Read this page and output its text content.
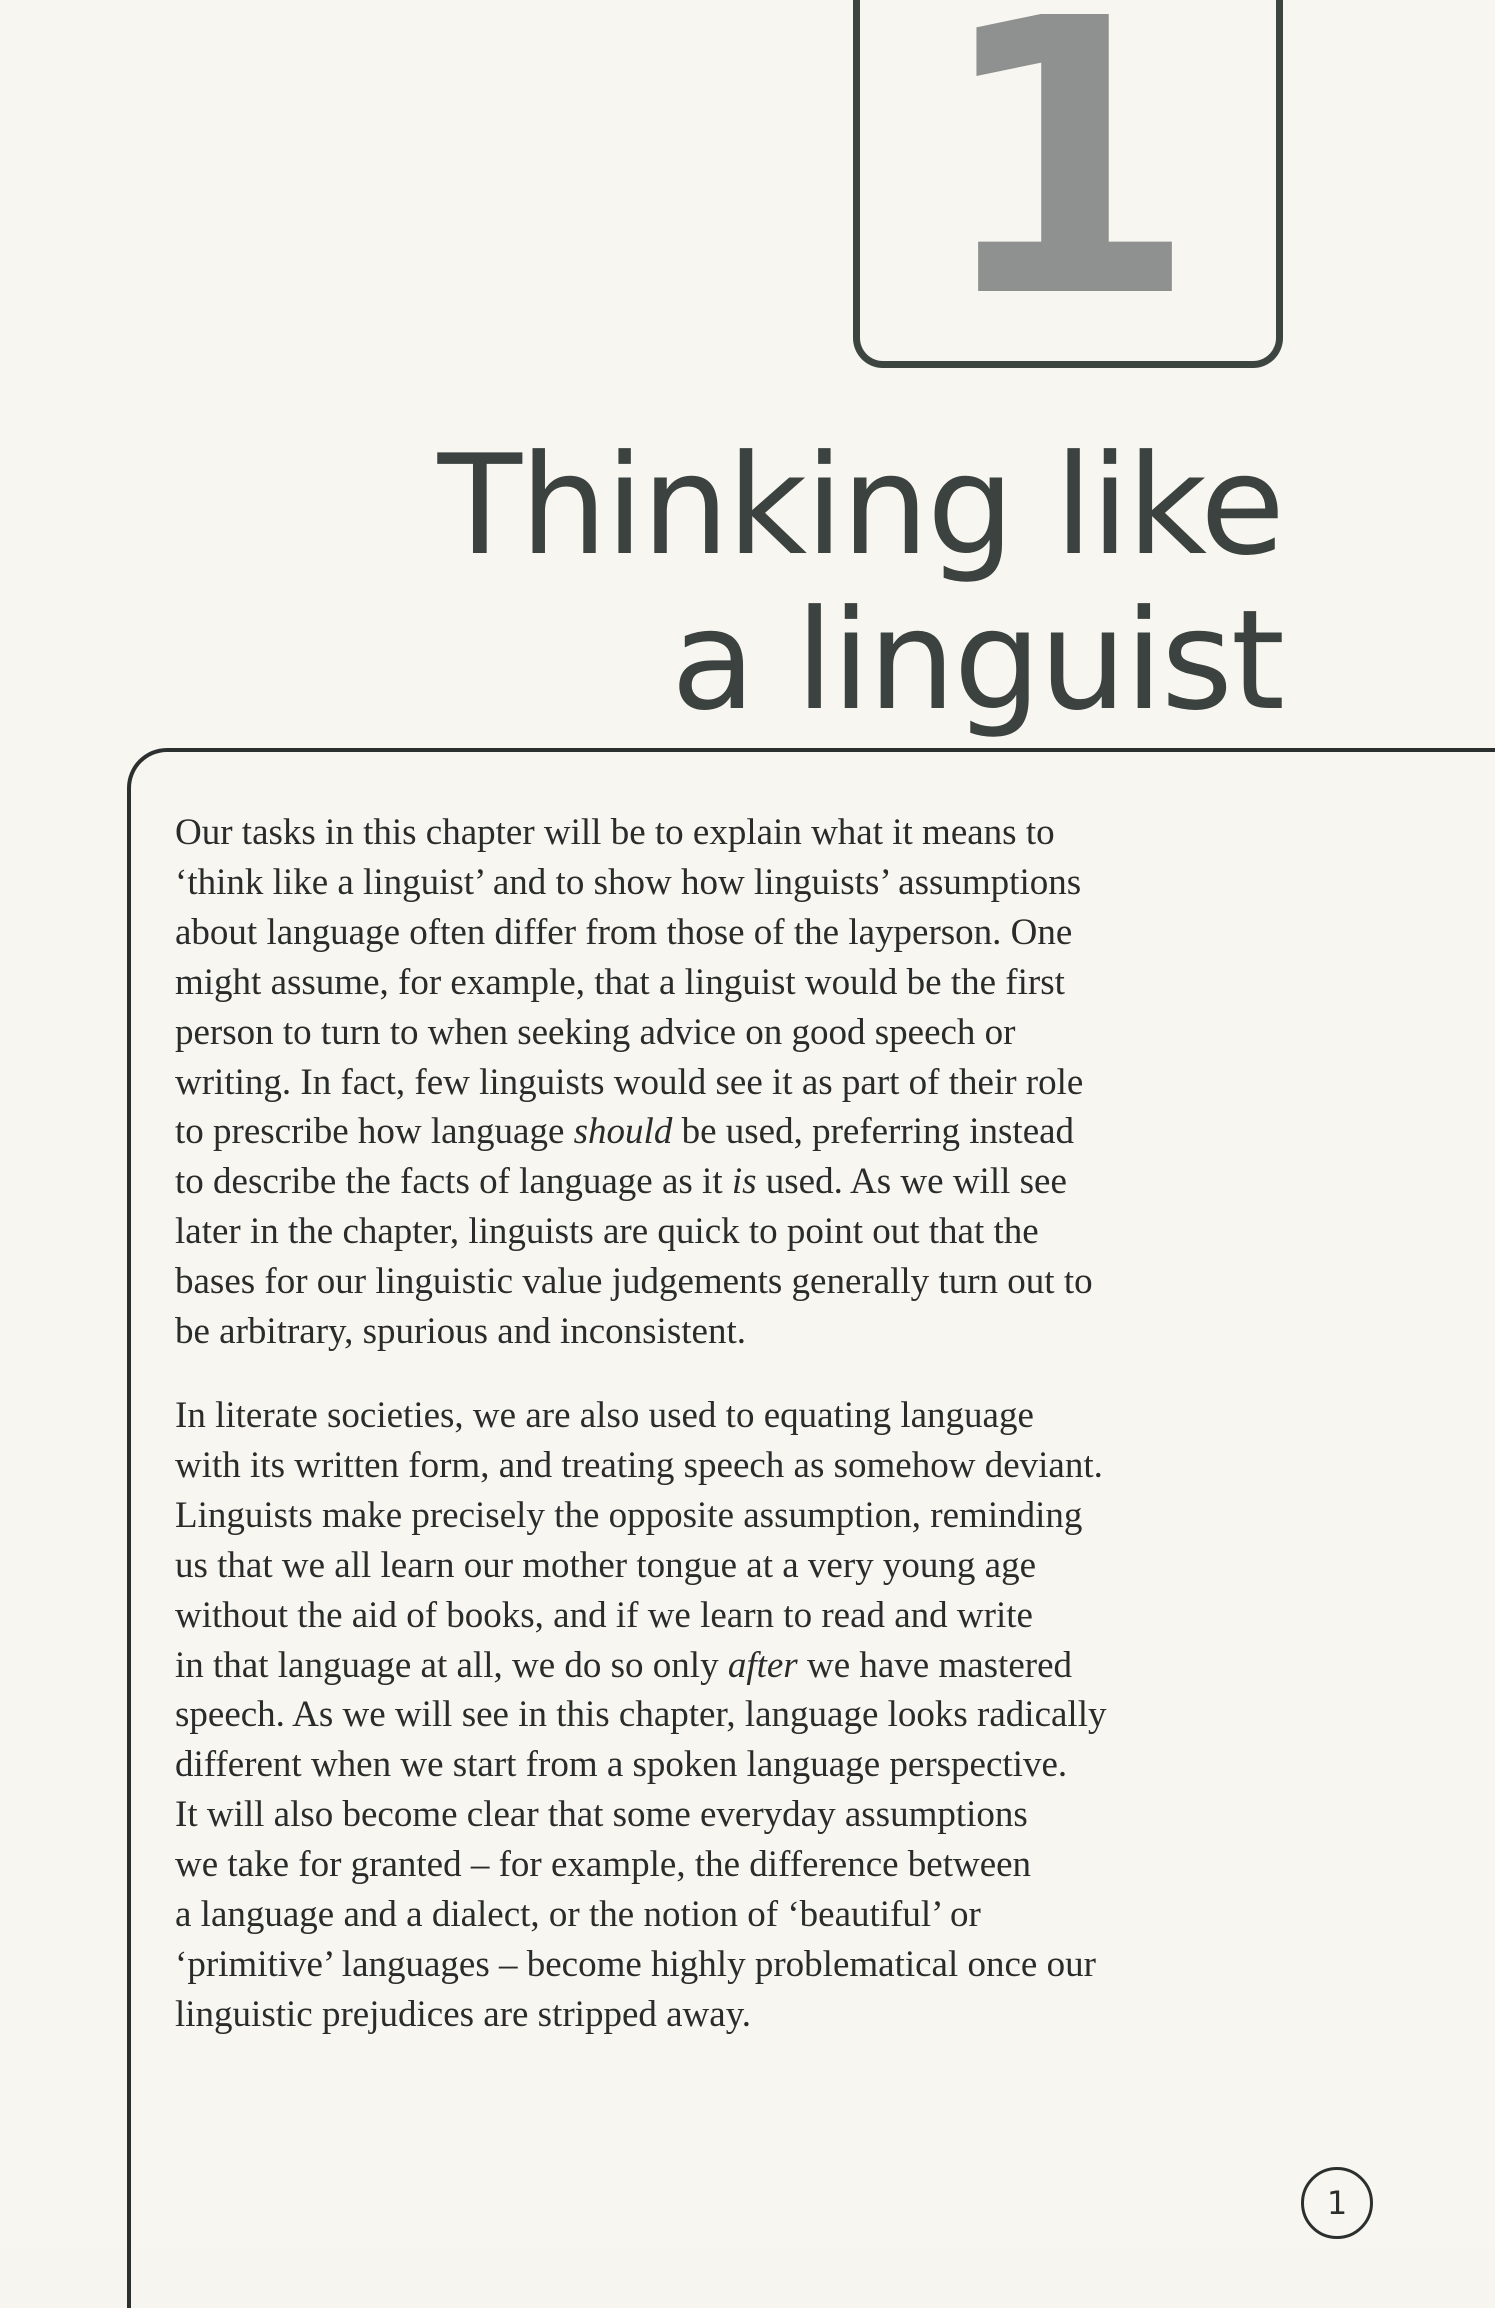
1
Thinking like
a linguist

Our tasks in this chapter will be to explain what it means to
‘think like a linguist’ and to show how linguists’ assumptions
about language often differ from those of the layperson. One
might assume, for example, that a linguist would be the first
person to turn to when seeking advice on good speech or
writing. In fact, few linguists would see it as part of their role
to prescribe how language should be used, preferring instead
to describe the facts of language as it is used. As we will see
later in the chapter, linguists are quick to point out that the
bases for our linguistic value judgements generally turn out to
be arbitrary, spurious and inconsistent.

In literate societies, we are also used to equating language
with its written form, and treating speech as somehow deviant.
Linguists make precisely the opposite assumption, reminding
us that we all learn our mother tongue at a very young age
without the aid of books, and if we learn to read and write
in that language at all, we do so only after we have mastered
speech. As we will see in this chapter, language looks radically
different when we start from a spoken language perspective.
It will also become clear that some everyday assumptions
we take for granted – for example, the difference between
a language and a dialect, or the notion of ‘beautiful’ or
‘primitive’ languages – become highly problematical once our
linguistic prejudices are stripped away.

1
